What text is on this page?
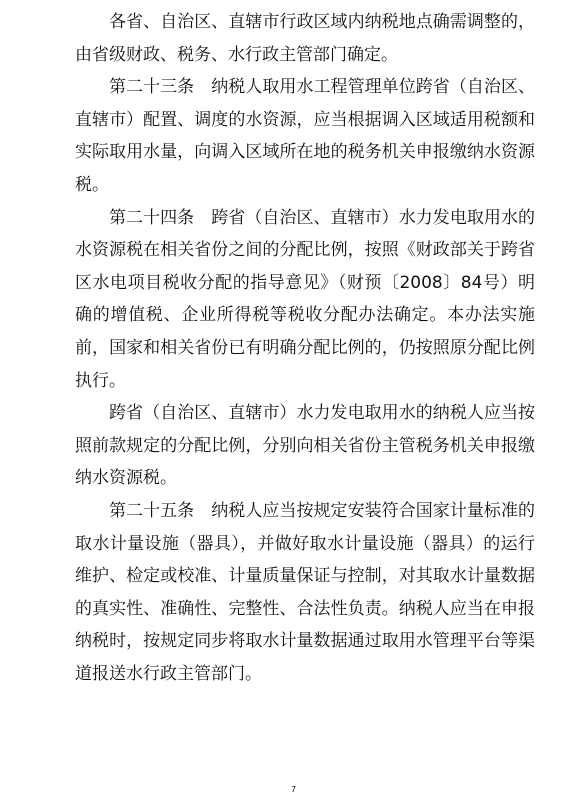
各省、自治区、直辖市行政区域内纳税地点确需调整的，由省级财政、税务、水行政主管部门确定。

第二十三条　纳税人取用水工程管理单位跨省（自治区、直辖市）配置、调度的水资源，应当根据调入区域适用税额和实际取用水量，向调入区域所在地的税务机关申报缴纳水资源税。

第二十四条　跨省（自治区、直辖市）水力发电取用水的水资源税在相关省份之间的分配比例，按照《财政部关于跨省区水电项目税收分配的指导意见》（财预〔2008〕84号）明确的增值税、企业所得税等税收分配办法确定。本办法实施前，国家和相关省份已有明确分配比例的，仍按照原分配比例执行。

跨省（自治区、直辖市）水力发电取用水的纳税人应当按照前款规定的分配比例，分别向相关省份主管税务机关申报缴纳水资源税。

第二十五条　纳税人应当按规定安装符合国家计量标准的取水计量设施（器具），并做好取水计量设施（器具）的运行维护、检定或校准、计量质量保证与控制，对其取水计量数据的真实性、准确性、完整性、合法性负责。纳税人应当在申报纳税时，按规定同步将取水计量数据通过取用水管理平台等渠道报送水行政主管部门。

7
